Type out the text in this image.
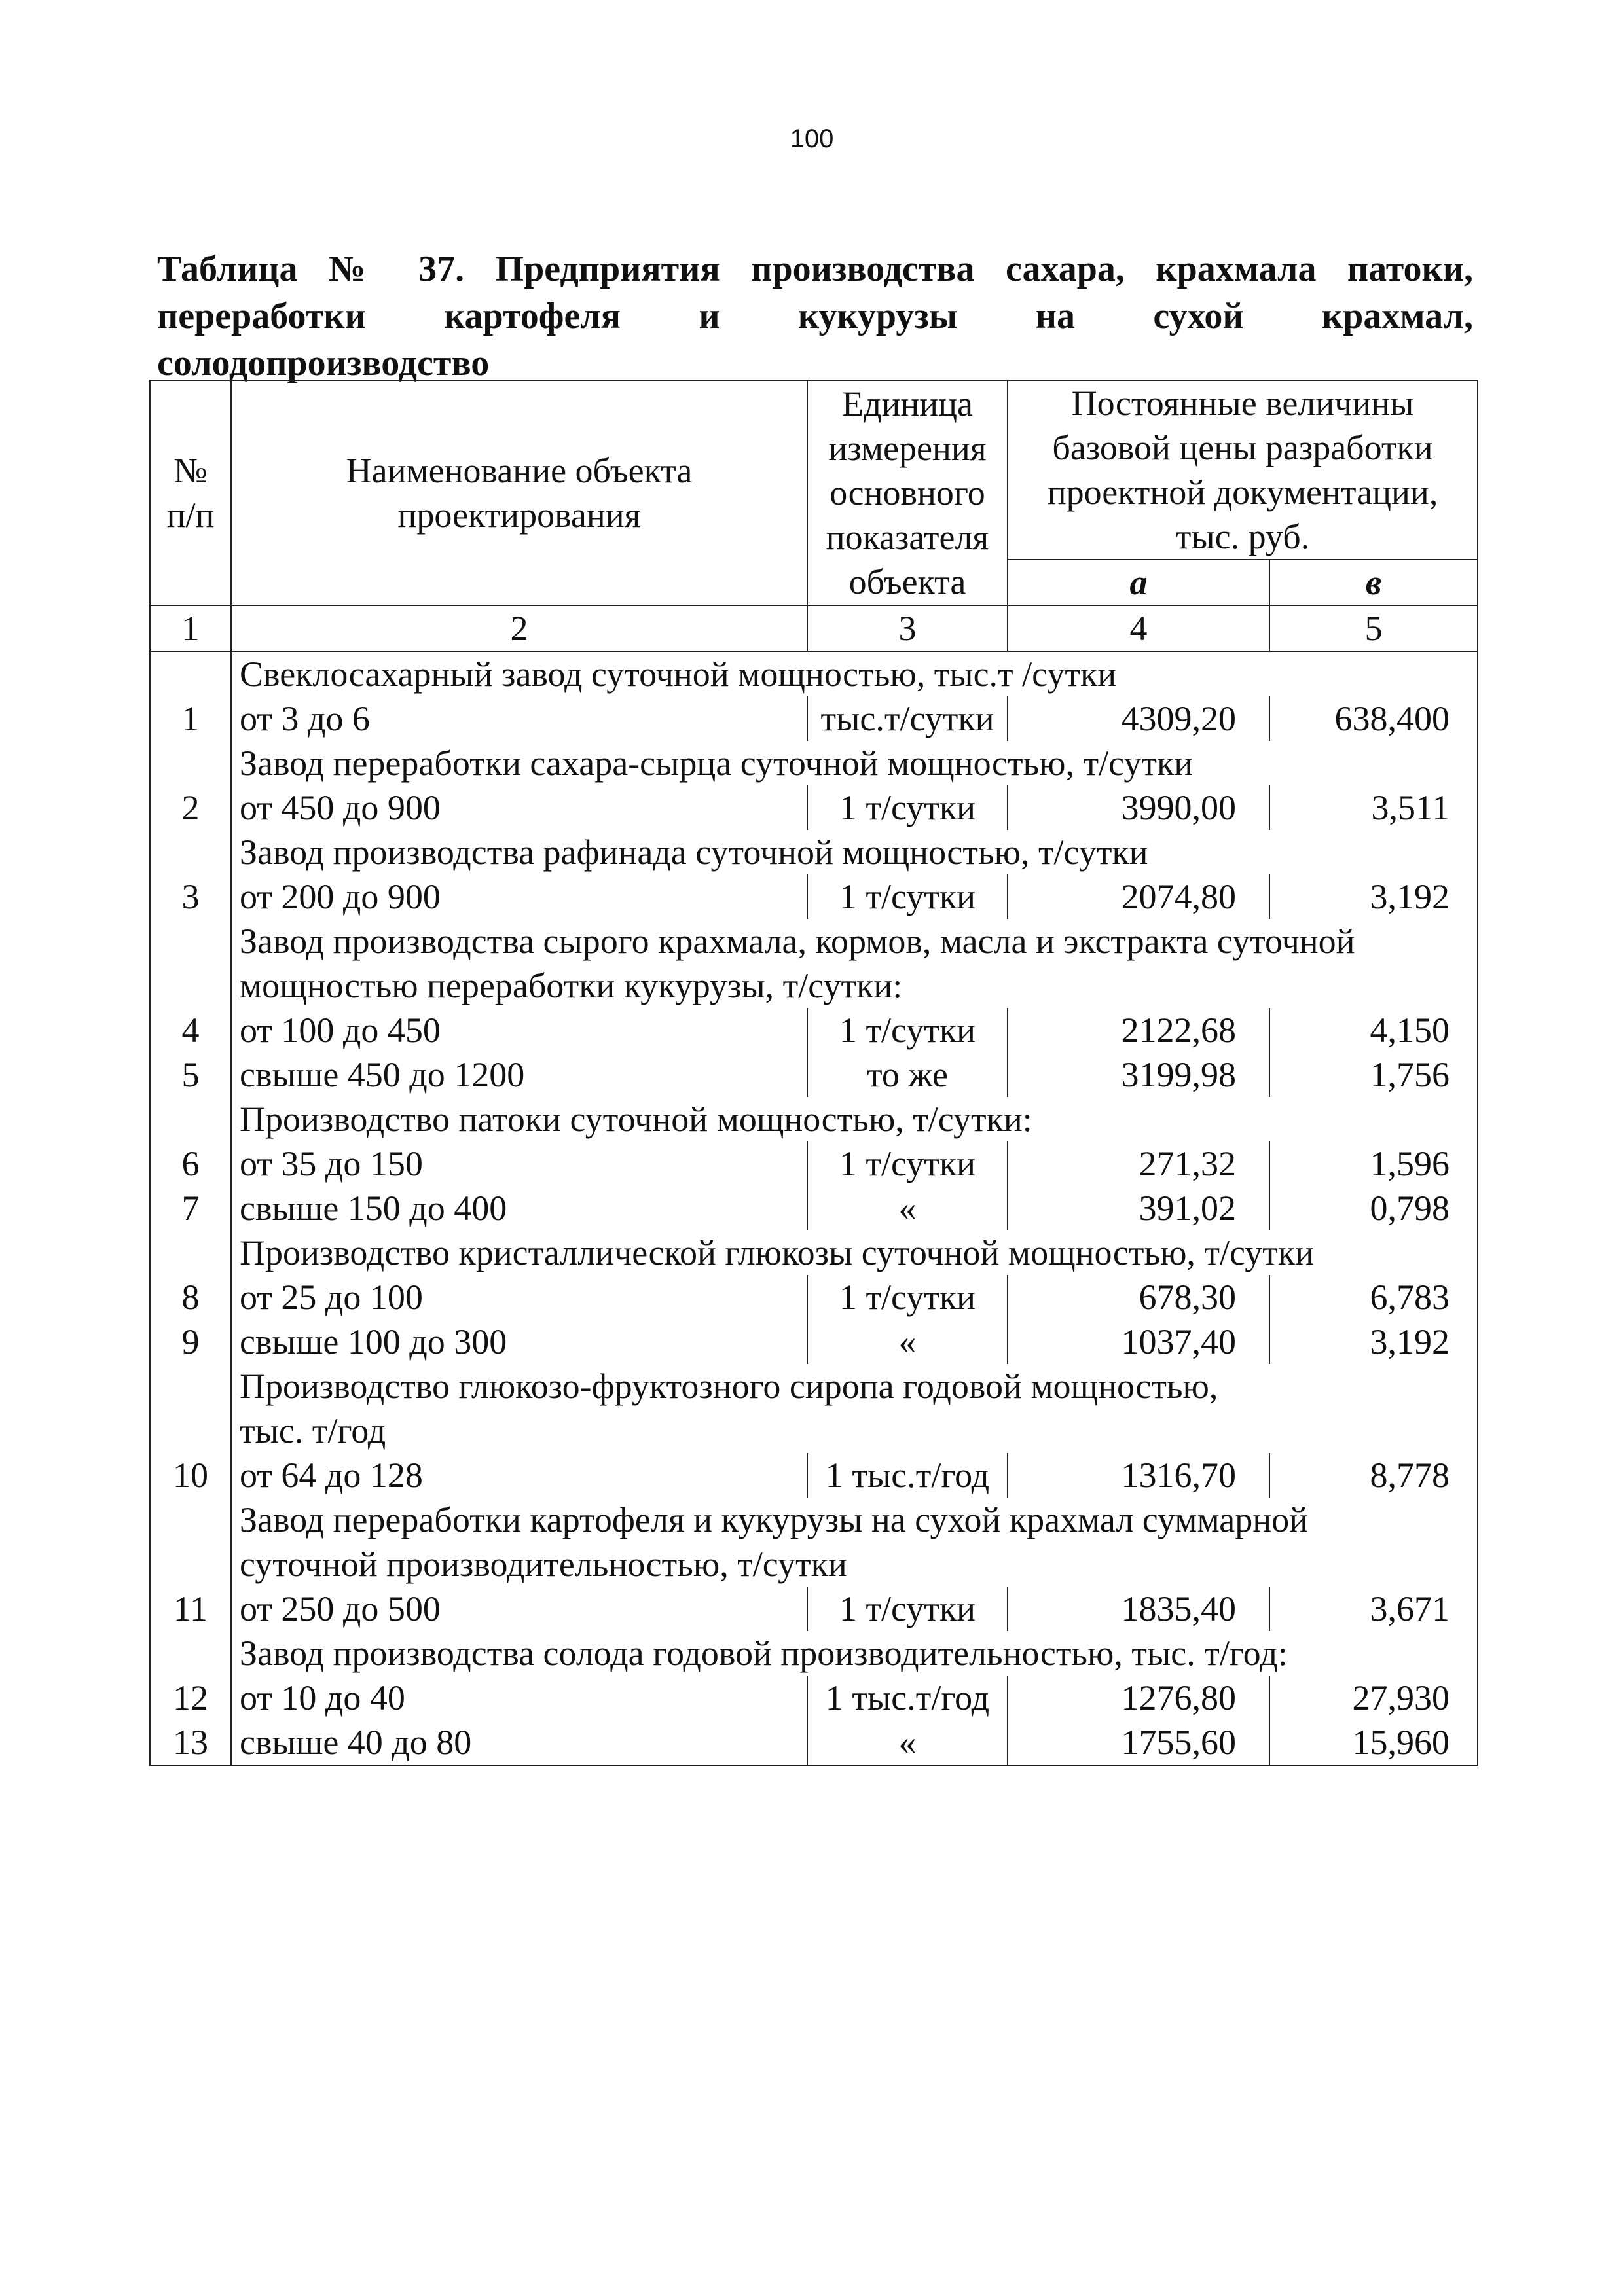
100
Таблица № 37. Предприятия производства сахара, крахмала патоки, переработки картофеля и кукурузы на сухой крахмал,
солодопроизводство
№ п/п	Наименование объекта проектирования	Единица измерения основного показателя объекта	Постоянные величины базовой цены разработки проектной документации, тыс. руб.	

			а	в
1	2	3	4	5
	Свеклосахарный завод суточной мощностью, тыс.т /сутки			
1	от 3 до 6	тыс.т/сутки	4309,20	638,400
	Завод переработки сахара-сырца суточной мощностью, т/сутки			
2	от 450 до 900	1 т/сутки	3990,00	3,511
	Завод производства рафинада суточной мощностью, т/сутки			
3	от 200 до 900	1 т/сутки	2074,80	3,192
	Завод производства сырого крахмала, кормов, масла и экстракта суточной			
	мощностью переработки кукурузы, т/сутки:			
4	от 100 до 450	1 т/сутки	2122,68	4,150
5	свыше 450 до 1200	то же	3199,98	1,756
	Производство патоки суточной мощностью, т/сутки:			
6	от 35 до 150	1 т/сутки	271,32	1,596
7	свыше 150 до 400	«	391,02	0,798
	Производство кристаллической глюкозы суточной мощностью, т/сутки			
8	от 25 до 100	1 т/сутки	678,30	6,783
9	свыше 100 до 300	«	1037,40	3,192
	Производство глюкозо-фруктозного сиропа годовой мощностью,			
	тыс. т/год			
10	от 64 до 128	1 тыс.т/год	1316,70	8,778
	Завод переработки картофеля и кукурузы на сухой крахмал суммарной			
	суточной производительностью, т/сутки			
11	от 250 до 500	1 т/сутки	1835,40	3,671
	Завод производства солода годовой производительностью, тыс. т/год:			
12	от 10 до 40	1 тыс.т/год	1276,80	27,930
13	свыше 40 до 80	«	1755,60	15,960
